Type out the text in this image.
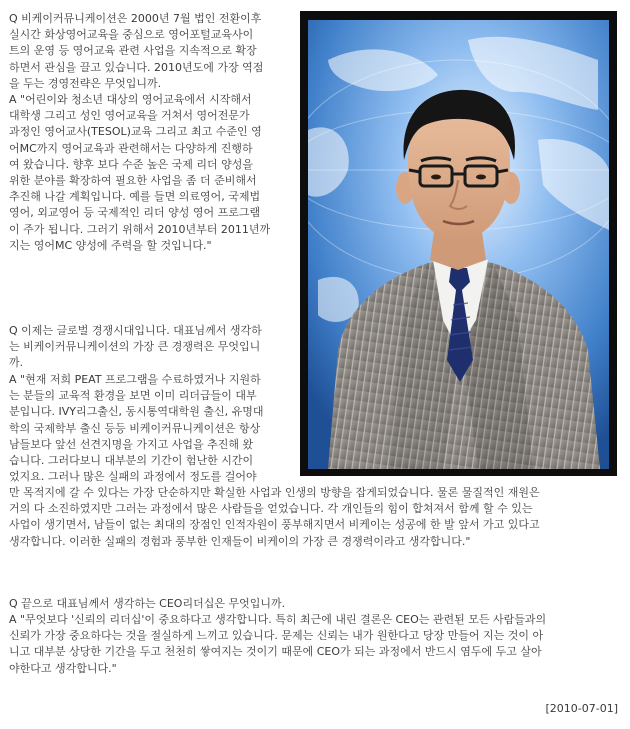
Q 비케이커뮤니케이션은 2000년 7월 법인 전환이후
실시간 화상영어교육을 중심으로 영어포털교육사이
트의 운영 등 영어교육 관련 사업을 지속적으로 확장
하면서 관심을 끌고 있습니다. 2010년도에 가장 역점
을 두는 경영전략은 무엇입니까.
A "어린이와 청소년 대상의 영어교육에서 시작해서
대학생 그리고 성인 영어교육을 거쳐서 영어전문가
과정인 영어교사(TESOL)교육 그리고 최고 수준인 영
어MC까지 영어교육과 관련해서는 다양하게 진행하
여 왔습니다. 향후 보다 수준 높은 국제 리더 양성을
위한 분야를 확장하여 필요한 사업을 좀 더 준비해서
추진해 나갈 계획입니다. 예를 들면 의료영어, 국제법
영어, 외교영어 등 국제적인 리더 양성 영어 프로그램
이 주가 됩니다. 그러기 위해서 2010년부터 2011년까
지는 영어MC 양성에 주력을 할 것입니다."
Q 이제는 글로벌 경쟁시대입니다. 대표님께서 생각하
는 비케이커뮤니케이션의 가장 큰 경쟁력은 무엇입니
까.
A "현재 저희 PEAT 프로그램을 수료하였거나 지원하
는 분들의 교육적 환경을 보면 이미 리더급들이 대부
분입니다. IVY리그출신, 동시통역대학원 출신, 유명대
학의 국제학부 출신 등등 비케이커뮤니케이션은 항상
남들보다 앞선 선견지명을 가지고 사업을 추진해 왔
습니다. 그러다보니 대부분의 기간이 험난한 시간이
었지요. 그러나 많은 실패의 과정에서 정도를 걸어야
만 목적지에 갈 수 있다는 가장 단순하지만 확실한 사업과 인생의 방향을 잡게되었습니다. 물론 물질적인 재원은
거의 다 소진하였지만 그러는 과정에서 많은 사람들을 얻었습니다. 각 개인들의 힘이 합쳐져서 함께 할 수 있는
사업이 생기면서, 남들이 없는 최대의 장점인 인적자원이 풍부해지면서 비케이는 성공에 한 발 앞서 가고 있다고
생각합니다. 이러한 실패의 경험과 풍부한 인재들이 비케이의 가장 큰 경쟁력이라고 생각합니다."
Q 끝으로 대표님께서 생각하는 CEO리더십은 무엇입니까.
A "무엇보다 '신뢰의 리더십'이 중요하다고 생각합니다. 특히 최근에 내린 결론은 CEO는 관련된 모든 사람들과의
신뢰가 가장 중요하다는 것을 절실하게 느끼고 있습니다. 문제는 신뢰는 내가 원한다고 당장 만들어 지는 것이 아
니고 대부분 상당한 기간을 두고 천천히 쌓여지는 것이기 때문에 CEO가 되는 과정에서 반드시 염두에 두고 살아
야한다고 생각합니다."
[2010-07-01]
